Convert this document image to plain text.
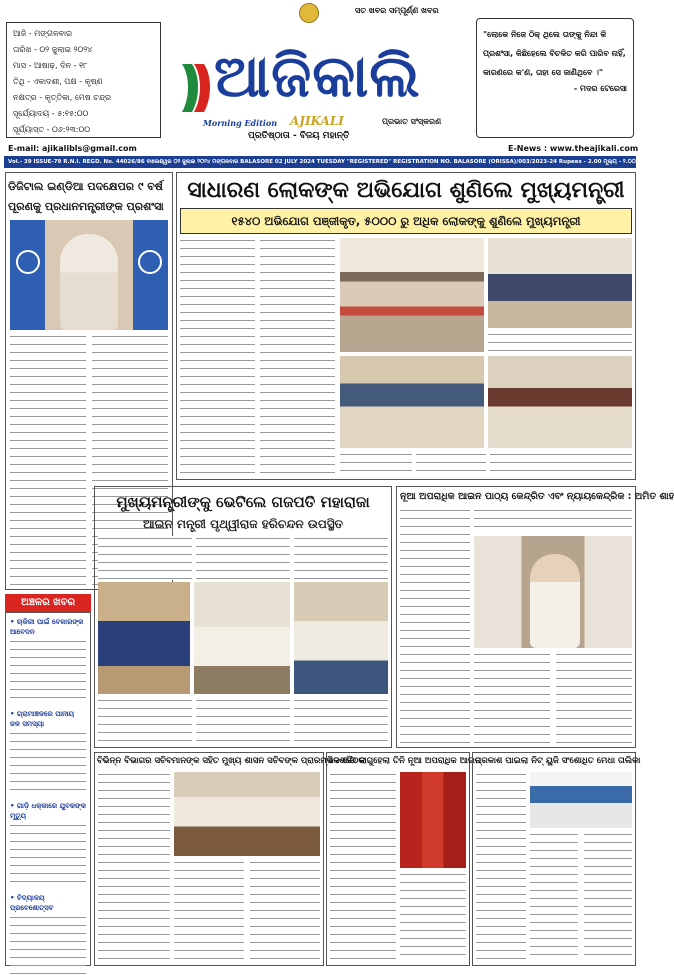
ଆଜି - ମଙ୍ଗଳବାର
ତାରିଖ - ୦୨ ଜୁଲାଇ ୨୦୨୪
ମାସ - ଆଷାଢ଼, ଦିନ - ୧୮
ତିଥି - ଏକାଦଶୀ, ପକ୍ଷ - କୃଷ୍ଣ
ନକ୍ଷତ୍ର - କୃତ୍ତିକା, ମେଷ ଚନ୍ଦ୍ର
ସୂର୍ଯ୍ୟୋଦୟ - ୫:୧୫:୦୦
ସୂର୍ଯ୍ୟାସ୍ତ - ୦୬:୨୩:୦୦
ସତ ଖବର ସମ୍ପୂର୍ଣ୍ଣ ଖବର
ଆଜିକାଲି
Morning Edition AJIKALI	ପ୍ରଭାତ ସଂସ୍କରଣ
ପ୍ରତିଷ୍ଠାତା - ବିଜୟ ମହାନ୍ତି
E-mail: ajikalibls@gmail.com	E-News : www.theajikali.com
"ଲୋକେ ନିଜେ ଠିକ୍ ଥିଲେ ତାଙ୍କୁ ନିନ୍ଦା କି ପ୍ରଶଂସା, କିଛିହେଲେ ବିଚଳିତ କରି ପାରିବ ନାହିଁ, କାରଣରେ କ'ଣ, ତାହା ସେ ଜାଣିଥିବେ ।"
- ମଦର ଟେରେସା
Vol.- 39 ISSUE-79 R.N.I. REGD. No. 44026/86 ବାଲେଶ୍ୱର ୦୨ ଜୁଲାଇ ୨୦୨୪ ମଙ୍ଗଳବାର BALASORE 02 JULY 2024 TUESDAY "REGISTERED" REGISTRATION NO. BALASORE (ORISSA)/003/2023-24 Rupees - 2.00 ମୂଲ୍ୟ - ୨.୦୦
ଡିଜିଟାଲ ଇଣ୍ଡିଆ ପଦକ୍ଷେପର ୯ ବର୍ଷ
ପୂରଣକୁ ପ୍ରଧାନମନ୍ତ୍ରୀଙ୍କ ପ୍ରଶଂସା
ସାଧାରଣ ଲୋକଙ୍କ ଅଭିଯୋଗ ଶୁଣିଲେ ମୁଖ୍ୟମନ୍ତ୍ରୀ
୧୫୪୦ ଅଭିଯୋଗ ପଞ୍ଜୀକୃତ, ୫୦୦୦ ରୁ ଅଧିକ ଲୋକଙ୍କୁ ଶୁଣିଲେ ମୁଖ୍ୟମନ୍ତ୍ରୀ
ଅଞ୍ଚଳର ଖବର
• ଚାକିରୀ ପାଇଁ ବେକାରଙ୍କ ଆବେଦନ
• ଗ୍ରାମାଞ୍ଚଳରେ ପାନୀୟ ଜଳ ସମସ୍ୟା
• ଗାଡ଼ି ଧକ୍କାରେ ଯୁବକଙ୍କ ମୃତ୍ୟୁ
• ବିଦ୍ୟାଳୟ ପ୍ରବେଶୋତ୍ସବ
ମୁଖ୍ୟମନ୍ତ୍ରୀଙ୍କୁ ଭେଟିଲେ ଗଜପତି ମହାରାଜା
ଆଇନ ମନ୍ତ୍ରୀ ପୃଥ୍ୱୀରାଜ ହରିଚନ୍ଦନ ଉପସ୍ଥିତ
ନୂଆ ଅପରାଧିକ ଆଇନ ପାଠ୍ୟ କେନ୍ଦ୍ରିତ ଏବଂ ନ୍ୟାୟକେନ୍ଦ୍ରିକ : ଅମିତ ଶାହ
ବିଭିନ୍ନ ବିଭାଗର ସଚିବମାନଙ୍କ ସହିତ ମୁଖ୍ୟ ଶାସନ ସଚିବଙ୍କ ପ୍ରାରମ୍ଭିକ ବୈଠକ
ଦେଶରେ ଲାଗୁହେଲା ତିନି ନୂଆ ଅପରାଧିକ ଆଇନ
ପ୍ରକାଶ ପାଇଲା ନିଟ୍ ୟୁଜି ସଂଶୋଧିତ ମେଧା ତାଲିକା
